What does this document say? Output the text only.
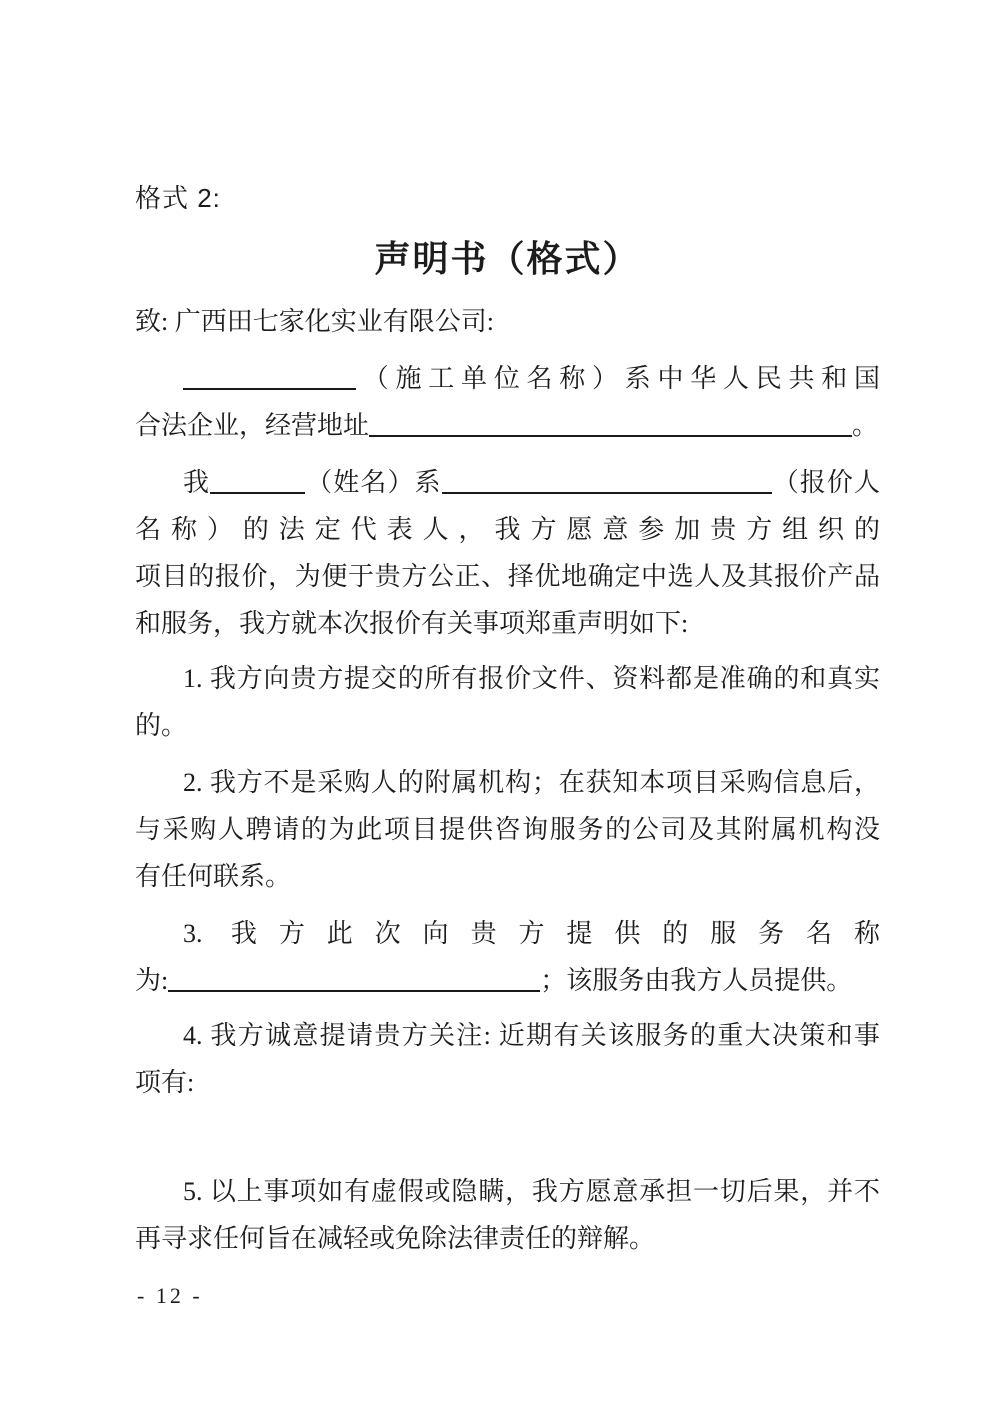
格式 2:
声明书（格式）
致: 广西田七家化实业有限公司:
（施工单位名称）系中华人民共和国
合法企业，经营地址	。
我	（姓名）系	（报价人
名称）的法定代表人，我方愿意参加贵方组织的
项目的报价，为便于贵方公正、择优地确定中选人及其报价产品
和服务，我方就本次报价有关事项郑重声明如下:
1. 我方向贵方提交的所有报价文件、资料都是准确的和真实
的。
2. 我方不是采购人的附属机构；在获知本项目采购信息后，
与采购人聘请的为此项目提供咨询服务的公司及其附属机构没
有任何联系。
3. 我方此次向贵方提供的服务名称
为:	；该服务由我方人员提供。
4. 我方诚意提请贵方关注: 近期有关该服务的重大决策和事
项有:
5. 以上事项如有虚假或隐瞒，我方愿意承担一切后果，并不
再寻求任何旨在减轻或免除法律责任的辩解。
- 12 -
